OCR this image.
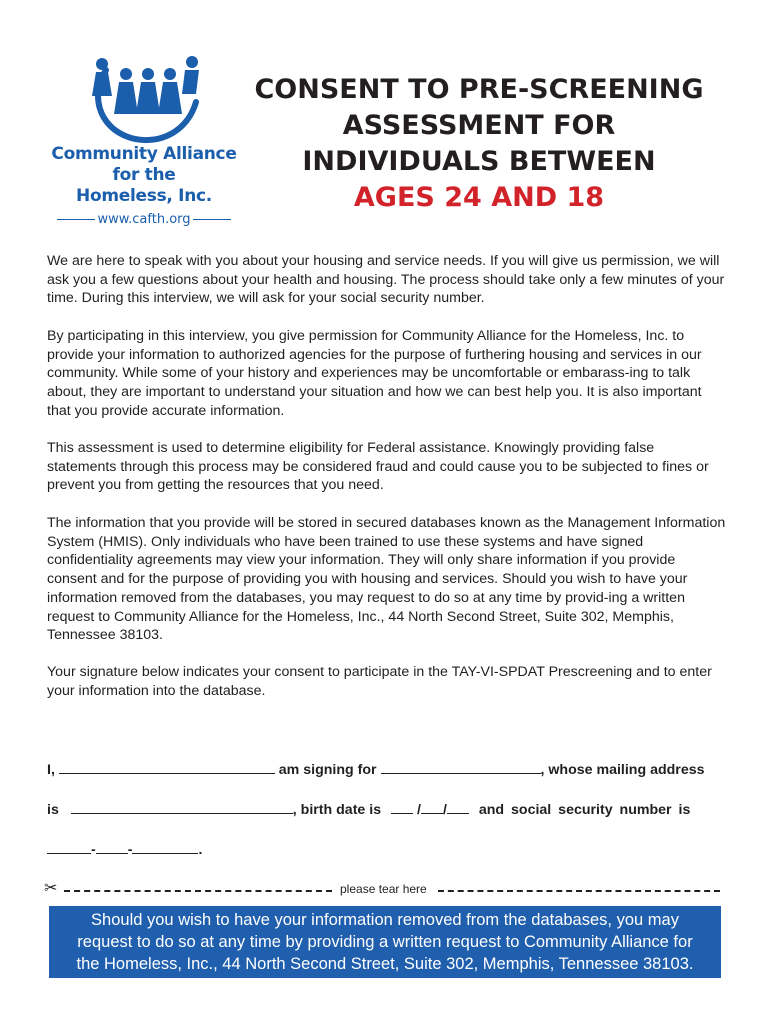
Community Alliance
for the
Homeless, Inc.
www.cafth.org
CONSENT TO PRE-SCREENING
ASSESSMENT FOR
INDIVIDUALS BETWEEN
AGES 24 AND 18
We are here to speak with you about your housing and service needs. If you will give us permission, we will ask you a few questions about your health and housing. The process should take only a few minutes of your time. During this interview, we will ask for your social security number.
By participating in this interview, you give permission for Community Alliance for the Homeless, Inc. to provide your information to authorized agencies for the purpose of furthering housing and services in our community. While some of your history and experiences may be uncomfortable or embarass-ing to talk about, they are important to understand your situation and how we can best help you. It is also important that you provide accurate information.
This assessment is used to determine eligibility for Federal assistance. Knowingly providing false statements through this process may be considered fraud and could cause you to be subjected to fines or prevent you from getting the resources that you need.
The information that you provide will be stored in secured databases known as the Management Information System (HMIS). Only individuals who have been trained to use these systems and have signed confidentiality agreements may view your information. They will only share information if you provide consent and for the purpose of providing you with housing and services. Should you wish to have your information removed from the databases, you may request to do so at any time by provid-ing a written request to Community Alliance for the Homeless, Inc., 44 North Second Street, Suite 302, Memphis, Tennessee 38103.
Your signature below indicates your consent to participate in the TAY-VI-SPDAT Prescreening and to enter your information into the database.
I,	am signing for	, whose mailing address
is	, birth date is	/ / and social security number is
- -	.
✂	please tear here
Should you wish to have your information removed from the databases, you may
request to do so at any time by providing a written request to Community Alliance for
the Homeless, Inc., 44 North Second Street, Suite 302, Memphis, Tennessee 38103.
